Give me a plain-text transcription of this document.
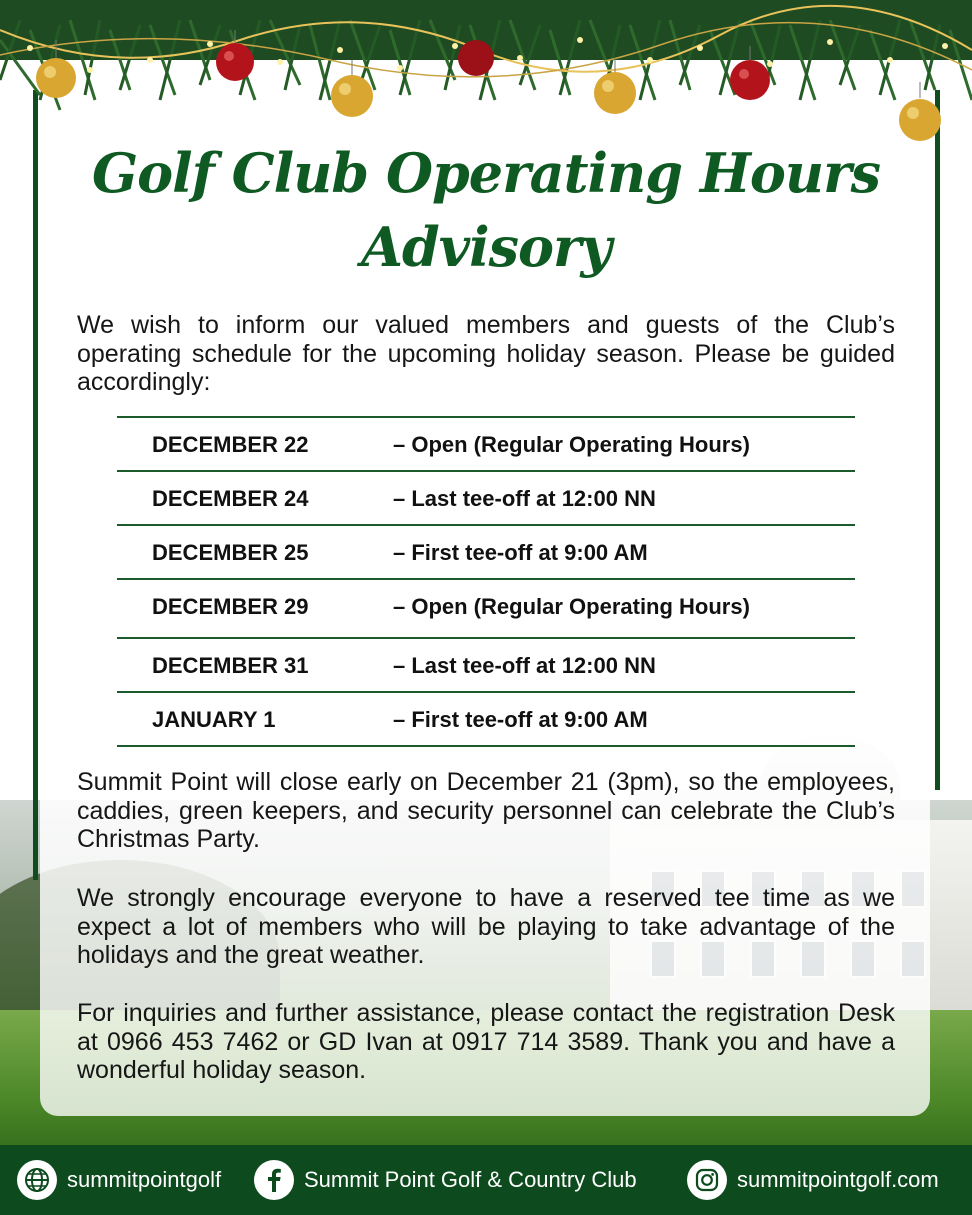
Golf Club Operating Hours
Advisory

We wish to inform our valued members and guests of the Club’s operating schedule for the upcoming holiday season. Please be guided accordingly:

DECEMBER 22	– Open (Regular Operating Hours)
DECEMBER 24	– Last tee-off at 12:00 NN
DECEMBER 25	– First tee-off at 9:00 AM
DECEMBER 29	– Open (Regular Operating Hours)
DECEMBER 31	– Last tee-off at 12:00 NN
JANUARY 1	– First tee-off at 9:00 AM

Summit Point will close early on December 21 (3pm), so the employees, caddies, green keepers, and security personnel can celebrate the Club’s Christmas Party.

We strongly encourage everyone to have a reserved tee time as we expect a lot of members who will be playing to take advantage of the holidays and the great weather.

For inquiries and further assistance, please contact the registration Desk at 0966 453 7462 or GD Ivan at 0917 714 3589. Thank you and have a wonderful holiday season.

summitpointgolf	Summit Point Golf & Country Club	summitpointgolf.com
